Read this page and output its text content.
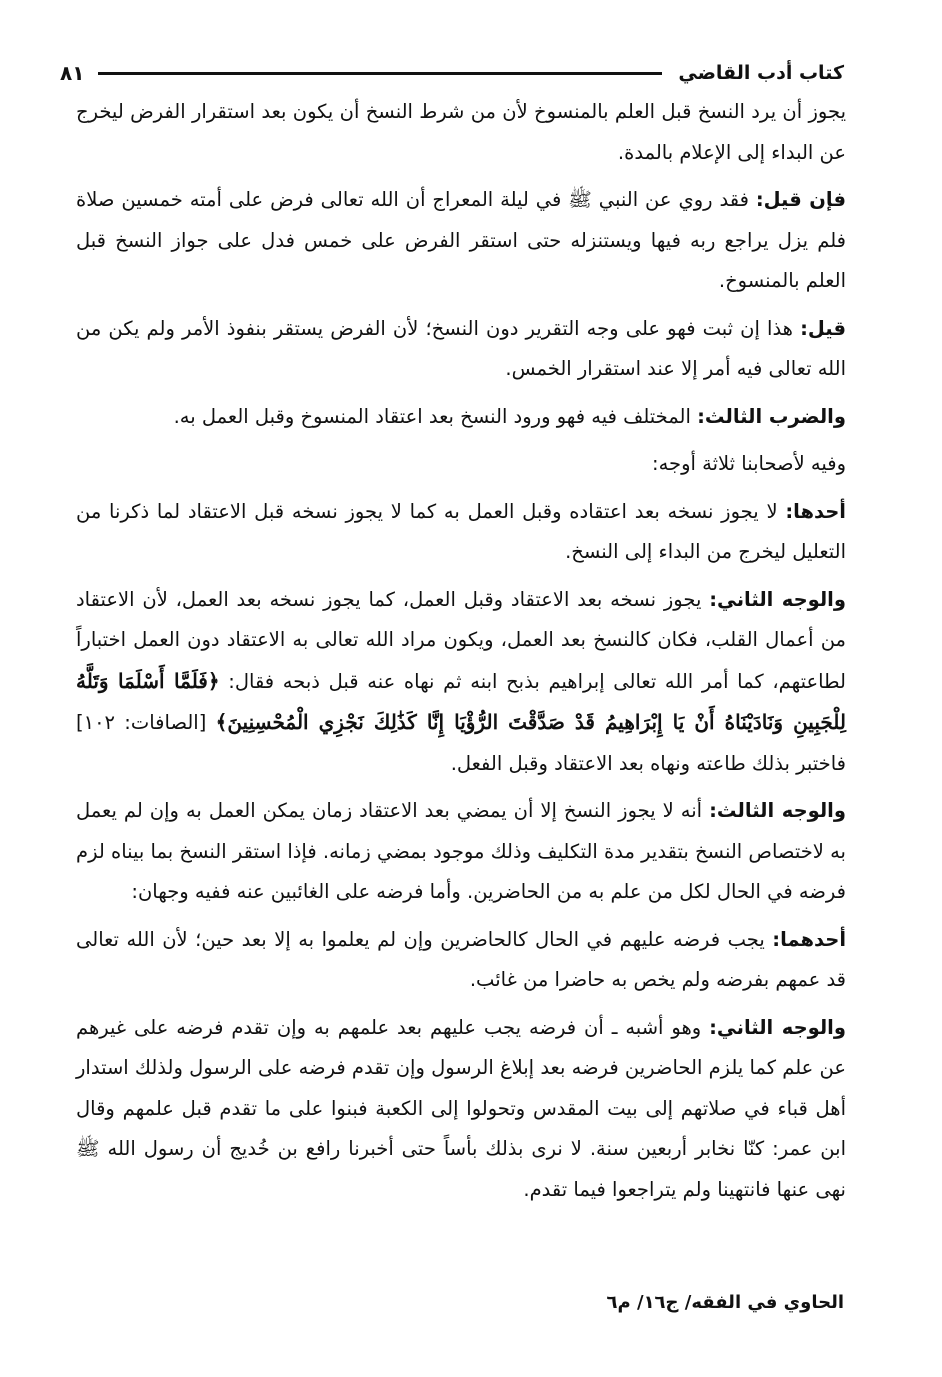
كتاب أدب القاضي
٨١

يجوز أن يرد النسخ قبل العلم بالمنسوخ لأن من شرط النسخ أن يكون بعد استقرار الفرض ليخرج عن البداء إلى الإعلام بالمدة.

فإن قيل: فقد روي عن النبي ﷺ في ليلة المعراج أن الله تعالى فرض على أمته خمسين صلاة فلم يزل يراجع ربه فيها ويستنزله حتى استقر الفرض على خمس فدل على جواز النسخ قبل العلم بالمنسوخ.

قيل: هذا إن ثبت فهو على وجه التقرير دون النسخ؛ لأن الفرض يستقر بنفوذ الأمر ولم يكن من الله تعالى فيه أمر إلا عند استقرار الخمس.

والضرب الثالث: المختلف فيه فهو ورود النسخ بعد اعتقاد المنسوخ وقبل العمل به.

وفيه لأصحابنا ثلاثة أوجه:

أحدها: لا يجوز نسخه بعد اعتقاده وقبل العمل به كما لا يجوز نسخه قبل الاعتقاد لما ذكرنا من التعليل ليخرج من البداء إلى النسخ.

والوجه الثاني: يجوز نسخه بعد الاعتقاد وقبل العمل، كما يجوز نسخه بعد العمل، لأن الاعتقاد من أعمال القلب، فكان كالنسخ بعد العمل، ويكون مراد الله تعالى به الاعتقاد دون العمل اختباراً لطاعتهم، كما أمر الله تعالى إبراهيم بذبح ابنه ثم نهاه عنه قبل ذبحه فقال: ﴿فَلَمَّا أَسْلَمَا وَتَلَّهُ لِلْجَبِينِ وَنَادَيْنَاهُ أَنْ يَا إِبْرَاهِيمُ قَدْ صَدَّقْتَ الرُّؤْيَا إِنَّا كَذَٰلِكَ نَجْزِي الْمُحْسِنِينَ﴾ [الصافات: ١٠٢] فاختبر بذلك طاعته ونهاه بعد الاعتقاد وقبل الفعل.

والوجه الثالث: أنه لا يجوز النسخ إلا أن يمضي بعد الاعتقاد زمان يمكن العمل به وإن لم يعمل به لاختصاص النسخ بتقدير مدة التكليف وذلك موجود بمضي زمانه. فإذا استقر النسخ بما بيناه لزم فرضه في الحال لكل من علم به من الحاضرين. وأما فرضه على الغائبين عنه ففيه وجهان:

أحدهما: يجب فرضه عليهم في الحال كالحاضرين وإن لم يعلموا به إلا بعد حين؛ لأن الله تعالى قد عمهم بفرضه ولم يخص به حاضرا من غائب.

والوجه الثاني: وهو أشبه ـ أن فرضه يجب عليهم بعد علمهم به وإن تقدم فرضه على غيرهم عن علم كما يلزم الحاضرين فرضه بعد إبلاغ الرسول وإن تقدم فرضه على الرسول ولذلك استدار أهل قباء في صلاتهم إلى بيت المقدس وتحولوا إلى الكعبة فبنوا على ما تقدم قبل علمهم وقال ابن عمر: كنّا نخابر أربعين سنة. لا نرى بذلك بأساً حتى أخبرنا رافع بن خُديج أن رسول الله ﷺ نهى عنها فانتهينا ولم يتراجعوا فيما تقدم.

الحاوي في الفقه/ ج١٦/ م٦
